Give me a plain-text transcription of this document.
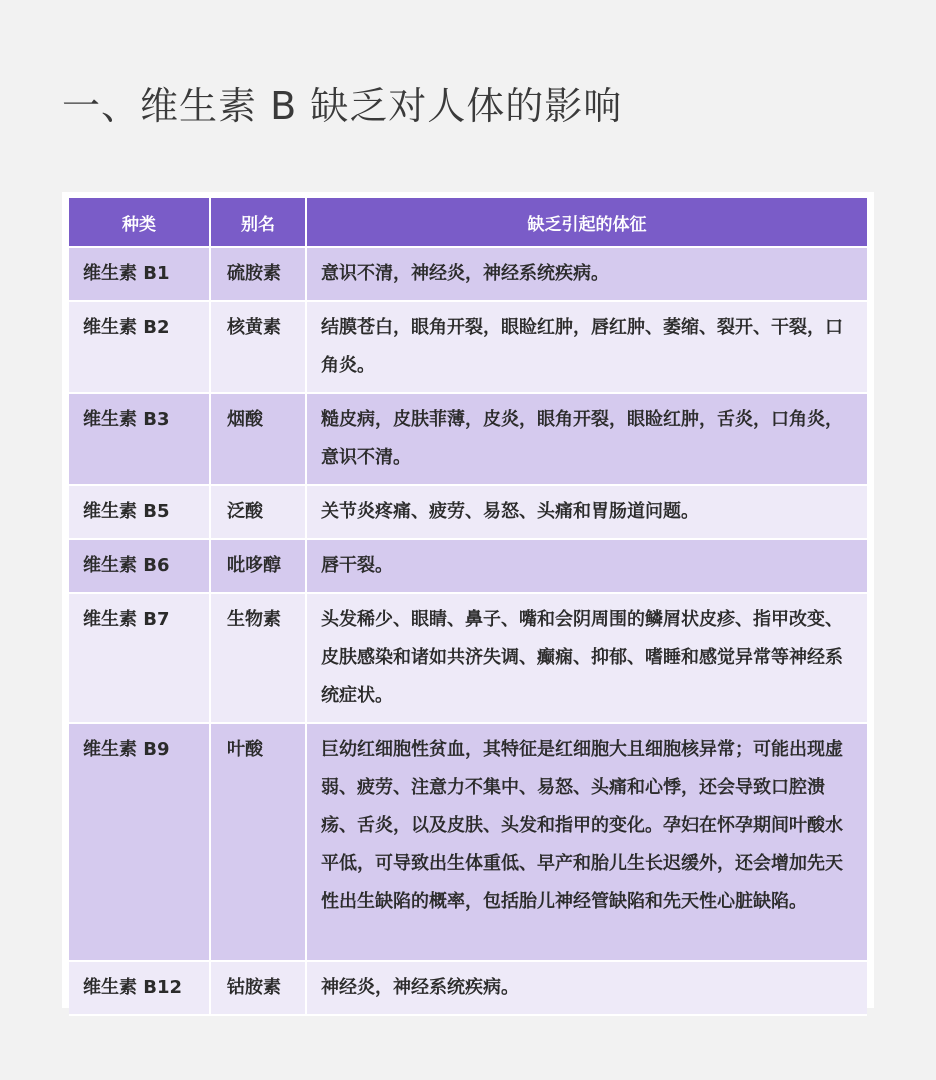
一、维生素 B 缺乏对人体的影响
种类	别名	缺乏引起的体征
维生素 B1	硫胺素	意识不清，神经炎，神经系统疾病。
维生素 B2	核黄素	结膜苍白，眼角开裂，眼睑红肿，唇红肿、萎缩、裂开、干裂，口角炎。
维生素 B3	烟酸	糙皮病，皮肤菲薄，皮炎，眼角开裂，眼睑红肿，舌炎，口角炎，意识不清。
维生素 B5	泛酸	关节炎疼痛、疲劳、易怒、头痛和胃肠道问题。
维生素 B6	吡哆醇	唇干裂。
维生素 B7	生物素	头发稀少、眼睛、鼻子、嘴和会阴周围的鳞屑状皮疹、指甲改变、皮肤感染和诸如共济失调、癫痫、抑郁、嗜睡和感觉异常等神经系统症状。
维生素 B9	叶酸	巨幼红细胞性贫血，其特征是红细胞大且细胞核异常；可能出现虚弱、疲劳、注意力不集中、易怒、头痛和心悸，还会导致口腔溃疡、舌炎，以及皮肤、头发和指甲的变化。孕妇在怀孕期间叶酸水平低，可导致出生体重低、早产和胎儿生长迟缓外，还会增加先天性出生缺陷的概率，包括胎儿神经管缺陷和先天性心脏缺陷。
维生素 B12	钴胺素	神经炎，神经系统疾病。
